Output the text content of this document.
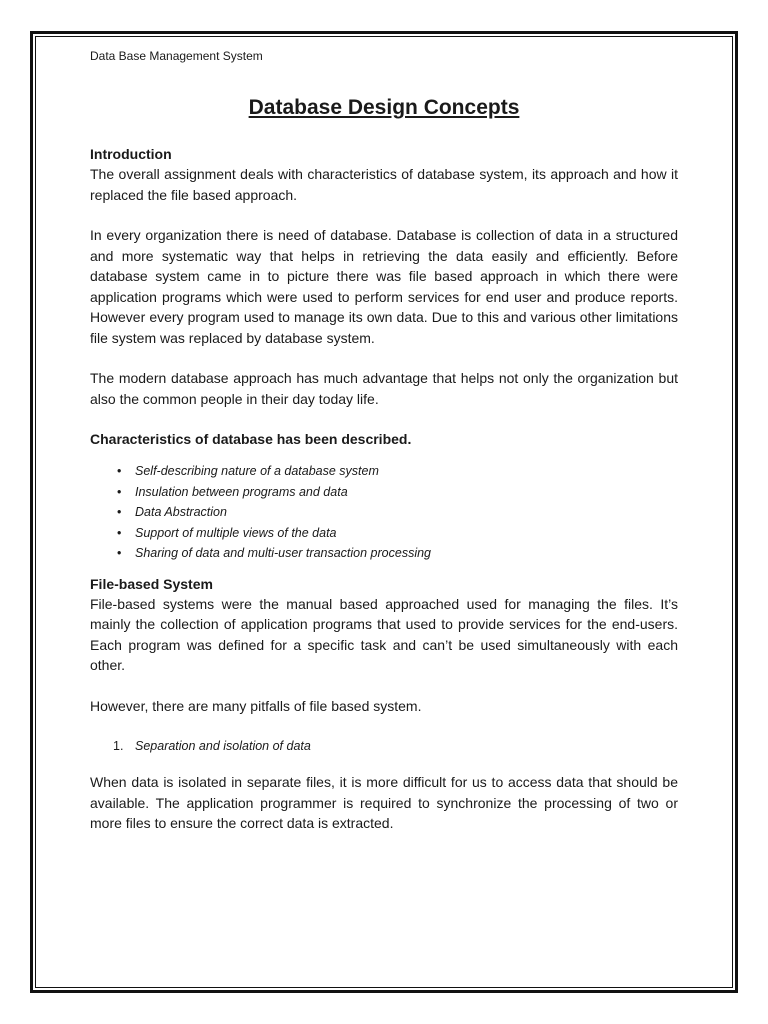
Data Base Management System

Database Design Concepts
Introduction

The overall assignment deals with characteristics of database system, its approach and how it replaced the file based approach.

In every organization there is need of database. Database is collection of data in a structured and more systematic way that helps in retrieving the data easily and efficiently. Before database system came in to picture there was file based approach in which there were application programs which were used to perform services for end user and produce reports. However every program used to manage its own data. Due to this and various other limitations file system was replaced by database system.

The modern database approach has much advantage that helps not only the organization but also the common people in their day today life.

Characteristics of database has been described.
• Self-describing nature of a database system
• Insulation between programs and data
• Data Abstraction
• Support of multiple views of the data
• Sharing of data and multi-user transaction processing
File-based System

File-based systems were the manual based approached used for managing the files. It’s mainly the collection of application programs that used to provide services for the end-users. Each program was defined for a specific task and can’t be used simultaneously with each other.

However, there are many pitfalls of file based system.

1. Separation and isolation of data

When data is isolated in separate files, it is more difficult for us to access data that should be available. The application programmer is required to synchronize the processing of two or more files to ensure the correct data is extracted.
